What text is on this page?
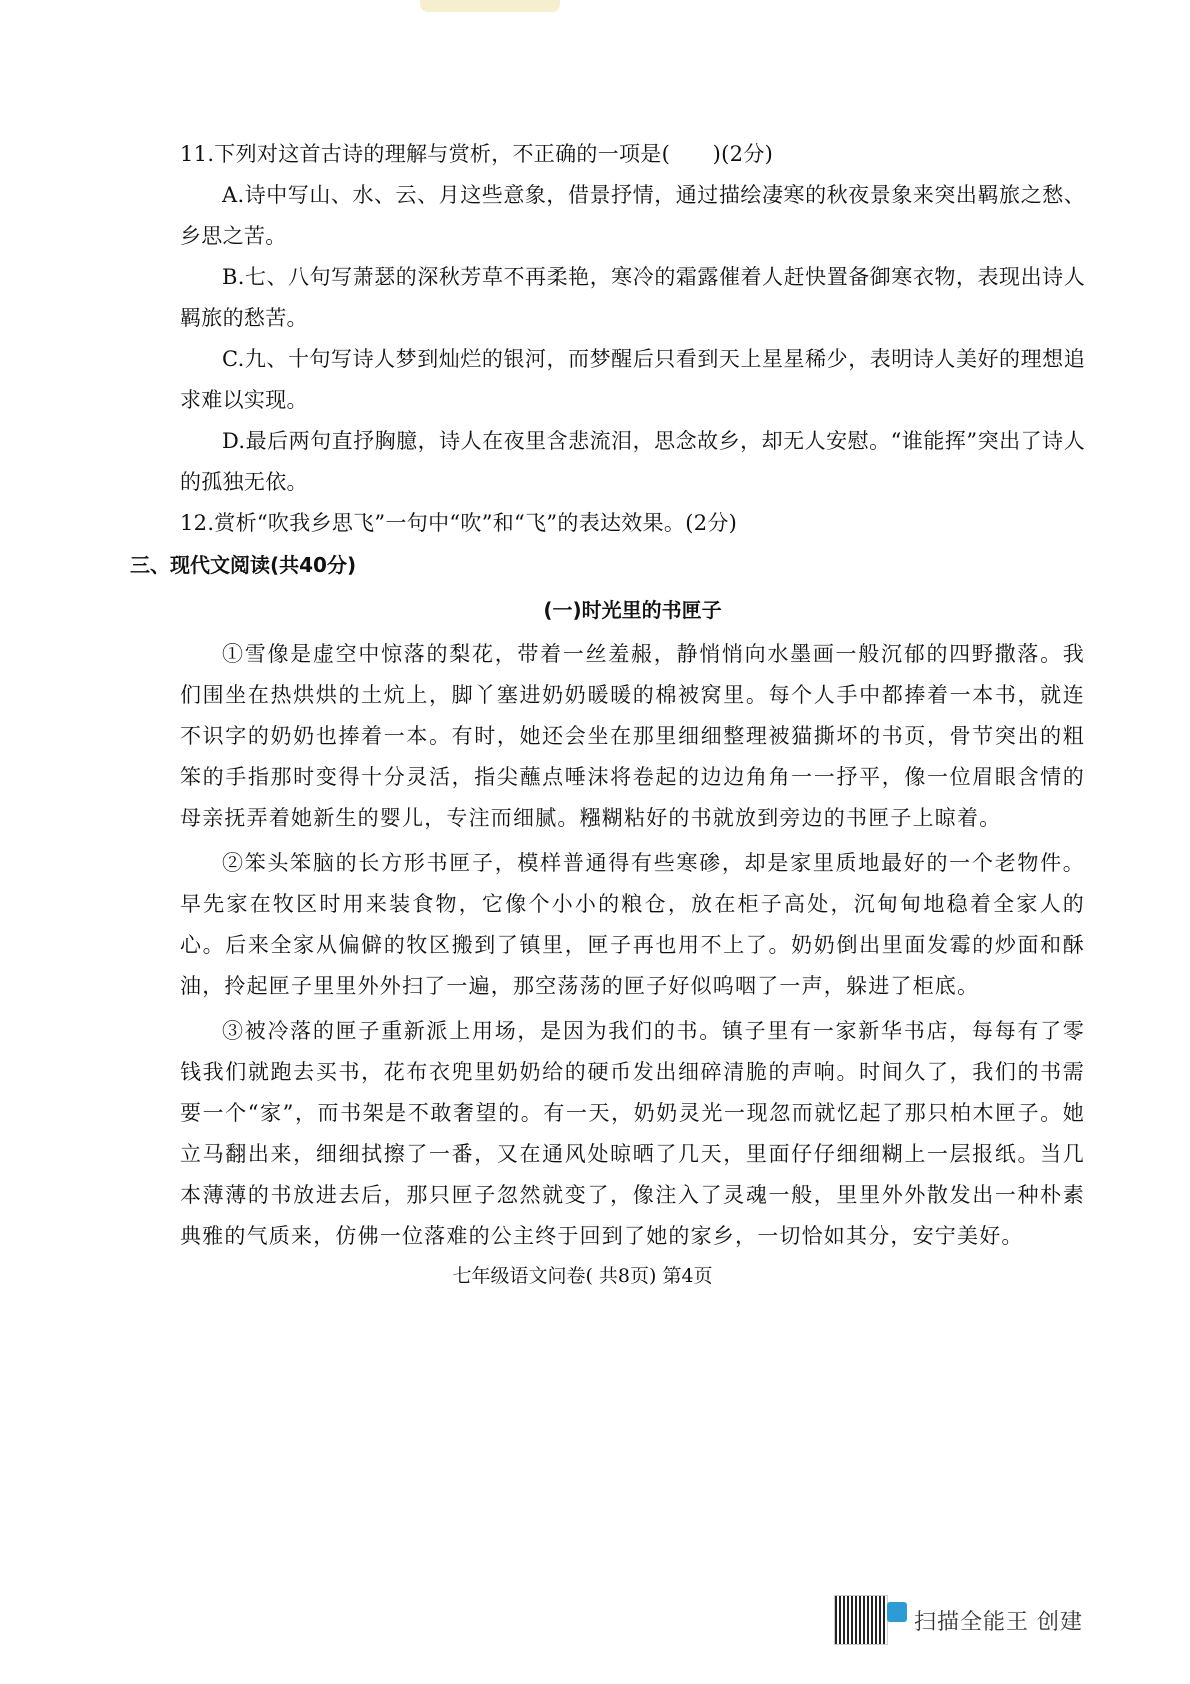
11.下列对这首古诗的理解与赏析，不正确的一项是(　　)(2分)

A.诗中写山、水、云、月这些意象，借景抒情，通过描绘凄寒的秋夜景象来突出羁旅之愁、乡思之苦。

B.七、八句写萧瑟的深秋芳草不再柔艳，寒冷的霜露催着人赶快置备御寒衣物，表现出诗人羁旅的愁苦。

C.九、十句写诗人梦到灿烂的银河，而梦醒后只看到天上星星稀少，表明诗人美好的理想追求难以实现。

D.最后两句直抒胸臆，诗人在夜里含悲流泪，思念故乡，却无人安慰。“谁能挥”突出了诗人的孤独无依。

12.赏析“吹我乡思飞”一句中“吹”和“飞”的表达效果。(2分)

三、现代文阅读(共40分)

(一)时光里的书匣子

①雪像是虚空中惊落的梨花，带着一丝羞赧，静悄悄向水墨画一般沉郁的四野撒落。我们围坐在热烘烘的土炕上，脚丫塞进奶奶暖暖的棉被窝里。每个人手中都捧着一本书，就连不识字的奶奶也捧着一本。有时，她还会坐在那里细细整理被猫撕坏的书页，骨节突出的粗笨的手指那时变得十分灵活，指尖蘸点唾沫将卷起的边边角角一一抒平，像一位眉眼含情的母亲抚弄着她新生的婴儿，专注而细腻。糨糊粘好的书就放到旁边的书匣子上晾着。

②笨头笨脑的长方形书匣子，模样普通得有些寒碜，却是家里质地最好的一个老物件。早先家在牧区时用来装食物，它像个小小的粮仓，放在柜子高处，沉甸甸地稳着全家人的心。后来全家从偏僻的牧区搬到了镇里，匣子再也用不上了。奶奶倒出里面发霉的炒面和酥油，拎起匣子里里外外扫了一遍，那空荡荡的匣子好似呜咽了一声，躲进了柜底。

③被冷落的匣子重新派上用场，是因为我们的书。镇子里有一家新华书店，每每有了零钱我们就跑去买书，花布衣兜里奶奶给的硬币发出细碎清脆的声响。时间久了，我们的书需要一个“家”，而书架是不敢奢望的。有一天，奶奶灵光一现忽而就忆起了那只柏木匣子。她立马翻出来，细细拭擦了一番，又在通风处晾晒了几天，里面仔仔细细糊上一层报纸。当几本薄薄的书放进去后，那只匣子忽然就变了，像注入了灵魂一般，里里外外散发出一种朴素典雅的气质来，仿佛一位落难的公主终于回到了她的家乡，一切恰如其分，安宁美好。

七年级语文问卷( 共8页) 第4页
扫描全能王 创建
